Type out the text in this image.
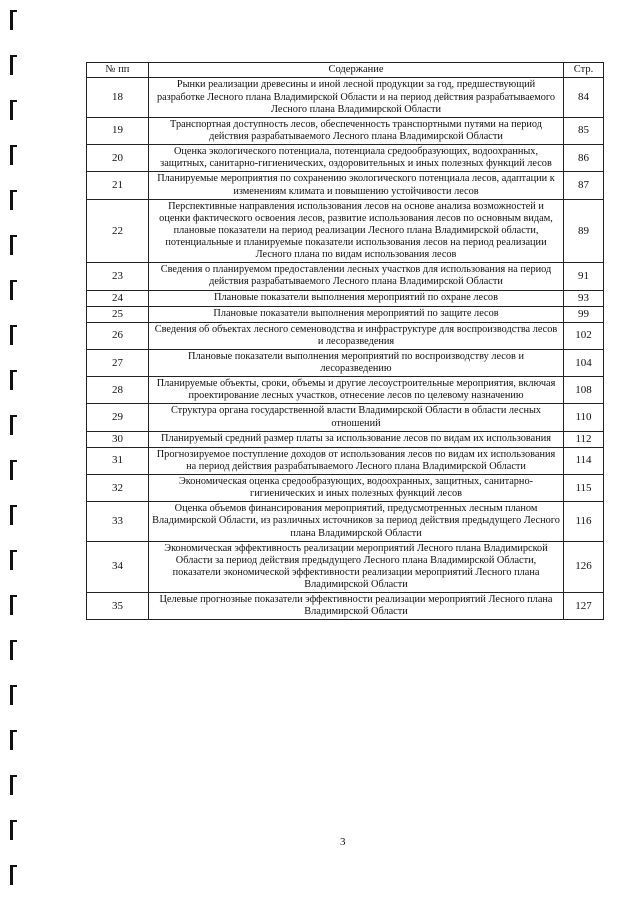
№ пп	Содержание	Стр.
18	Рынки реализации древесины и иной лесной продукции за год, предшествующий разработке Лесного плана Владимирской Области и на период действия разрабатываемого Лесного плана Владимирской Области	84
19	Транспортная доступность лесов, обеспеченность транспортными путями на период действия разрабатываемого Лесного плана Владимирской Области	85
20	Оценка экологического потенциала, потенциала средообразующих, водоохранных, защитных, санитарно-гигиенических, оздоровительных и иных полезных функций лесов	86
21	Планируемые мероприятия по сохранению экологического потенциала лесов, адаптации к изменениям климата и повышению устойчивости лесов	87
22	Перспективные направления использования лесов на основе анализа возможностей и оценки фактического освоения лесов, развитие использования лесов по основным видам, плановые показатели на период реализации Лесного плана Владимирской области, потенциальные и планируемые показатели использования лесов на период реализации Лесного плана по видам использования лесов	89
23	Сведения о планируемом предоставлении лесных участков для использования на период действия разрабатываемого Лесного плана Владимирской Области	91
24	Плановые показатели выполнения мероприятий по охране лесов	93
25	Плановые показатели выполнения мероприятий по защите лесов	99
26	Сведения об объектах лесного семеноводства и инфраструктуре для воспроизводства лесов и лесоразведения	102
27	Плановые показатели выполнения мероприятий по воспроизводству лесов и лесоразведению	104
28	Планируемые объекты, сроки, объемы и другие лесоустроительные мероприятия, включая проектирование лесных участков, отнесение лесов по целевому назначению	108
29	Структура органа государственной власти Владимирской Области в области лесных отношений	110
30	Планируемый средний размер платы за использование лесов по видам их использования	112
31	Прогнозируемое поступление доходов от использования лесов по видам их использования на период действия разрабатываемого Лесного плана Владимирской Области	114
32	Экономическая оценка средообразующих, водоохранных, защитных, санитарно-гигиенических и иных полезных функций лесов	115
33	Оценка объемов финансирования мероприятий, предусмотренных лесным планом Владимирской Области, из различных источников за период действия предыдущего Лесного плана Владимирской Области	116
34	Экономическая эффективность реализации мероприятий Лесного плана Владимирской Области за период действия предыдущего Лесного плана Владимирской Области, показатели экономической эффективности реализации мероприятий Лесного плана Владимирской Области	126
35	Целевые прогнозные показатели эффективности реализации мероприятий Лесного плана Владимирской Области	127
3
